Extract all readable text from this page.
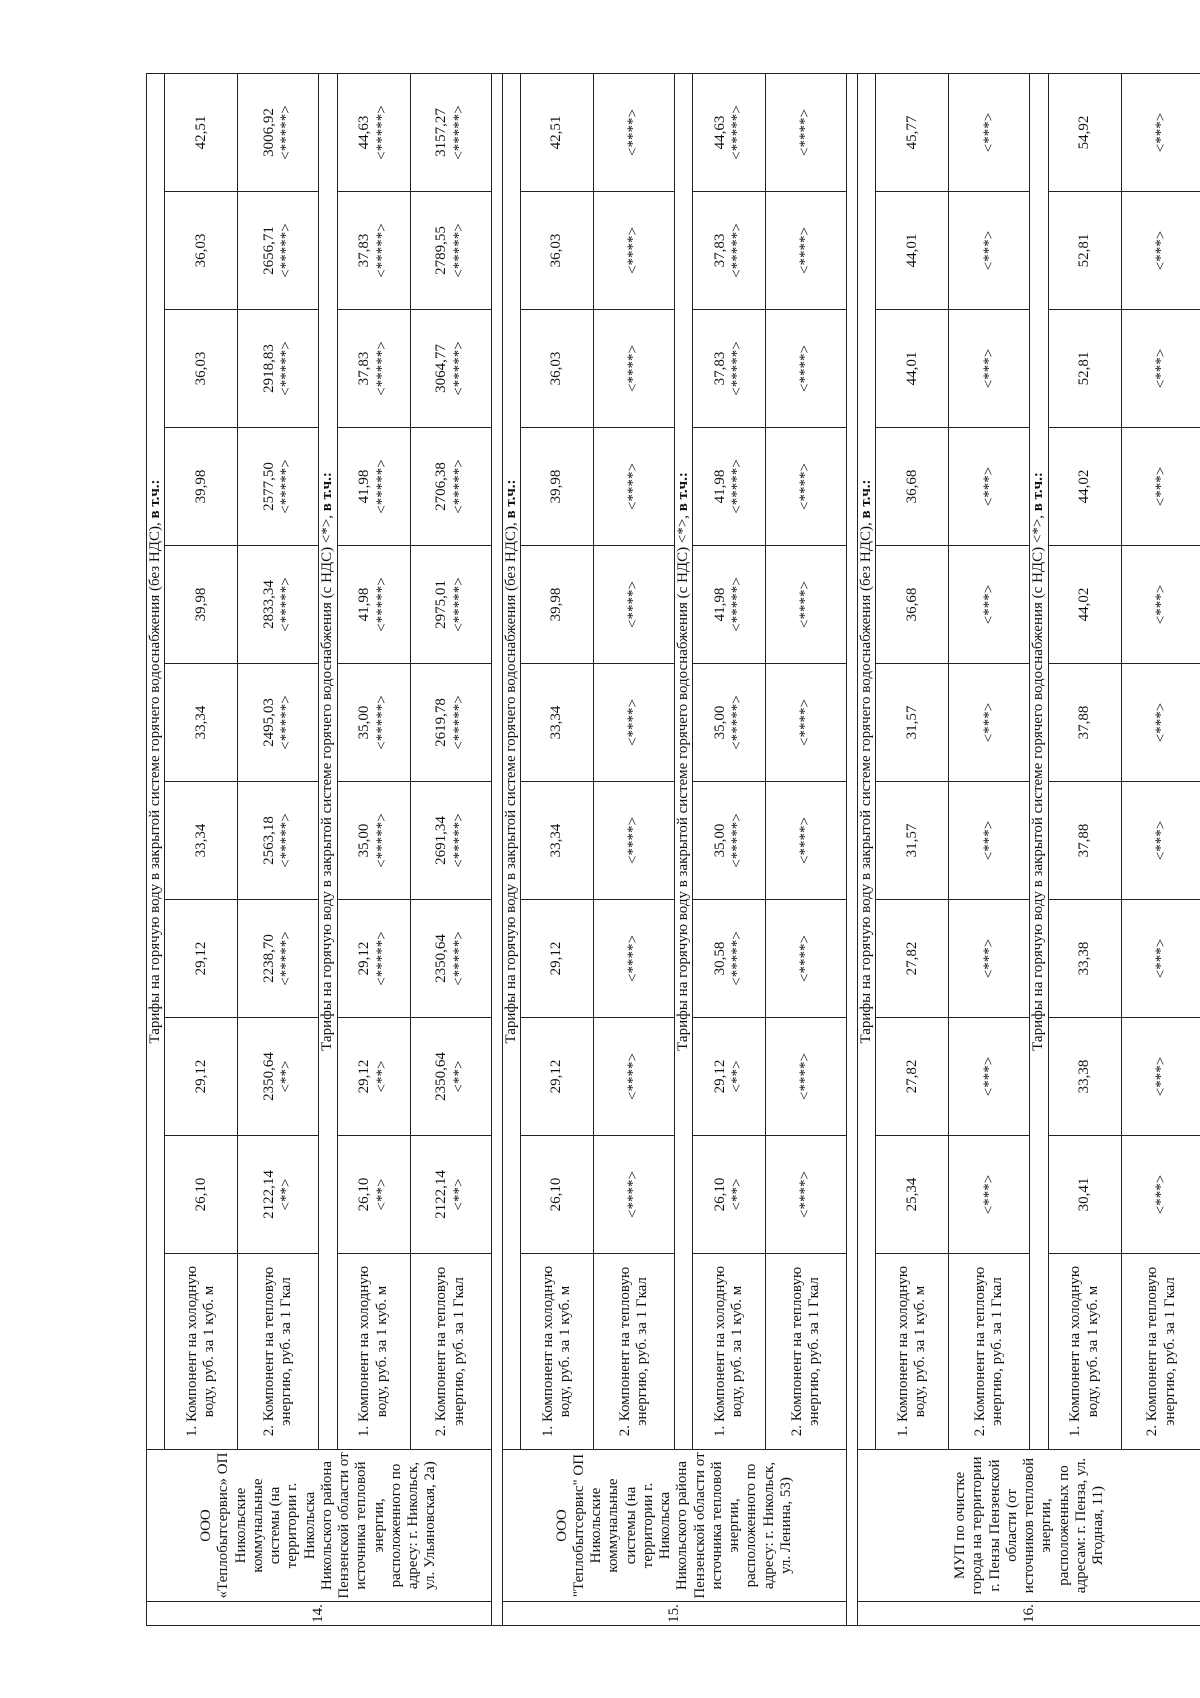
14.	ООО «Теплобытсервис» ОП Никольские коммунальные системы (на территории г. Никольска Никольского района Пензенской области от источника тепловой энергии, расположенного по адресу: г. Никольск, ул. Ульяновская, 2а)	Тарифы на горячую воду в закрытой системе горячего водоснабжения (без НДС), в т.ч.:										
		1. Компонент на холодную воду, руб. за 1 куб. м	26,10	29,12	29,12	33,34	33,34	39,98	39,98	36,03	36,03	42,51

		2. Компонент на тепловую энергию, руб. за 1 Гкал	2122,14 <**>	2350,64 <**>	2238,70 <*****>	2563,18 <*****>	2495,03 <*****>	2833,34 <*****>	2577,50 <*****>	2918,83 <*****>	2656,71 <*****>	3006,92 <*****>

		Тарифы на горячую воду в закрытой системе горячего водоснабжения (с НДС) <*>, в т.ч.:										
		1. Компонент на холодную воду, руб. за 1 куб. м	26,10 <**>	29,12 <**>	29,12 <*****>	35,00 <*****>	35,00 <*****>	41,98 <*****>	41,98 <*****>	37,83 <*****>	37,83 <*****>	44,63 <*****>

		2. Компонент на тепловую энергию, руб. за 1 Гкал	2122,14 <**>	2350,64 <**>	2350,64 <*****>	2691,34 <*****>	2619,78 <*****>	2975,01 <*****>	2706,38 <*****>	3064,77 <*****>	2789,55 <*****>	3157,27 <*****>

15.	ООО "Теплобытсервис" ОП Никольские коммунальные системы (на территории г. Никольска Никольского района Пензенской области от источника тепловой энергии, расположенного по адресу: г. Никольск, ул. Ленина, 53)	Тарифы на горячую воду в закрытой системе горячего водоснабжения (без НДС), в т.ч.:										
		1. Компонент на холодную воду, руб. за 1 куб. м	26,10	29,12	29,12	33,34	33,34	39,98	39,98	36,03	36,03	42,51

		2. Компонент на тепловую энергию, руб. за 1 Гкал	<****>	<****>	<****>	<****>	<****>	<****>	<****>	<****>	<****>	<****>

		Тарифы на горячую воду в закрытой системе горячего водоснабжения (с НДС) <*>, в т.ч.:										
		1. Компонент на холодную воду, руб. за 1 куб. м	26,10 <**>	29,12 <**>	30,58 <*****>	35,00 <*****>	35,00 <*****>	41,98 <*****>	41,98 <*****>	37,83 <*****>	37,83 <*****>	44,63 <*****>

		2. Компонент на тепловую энергию, руб. за 1 Гкал	<****>	<****>	<****>	<****>	<****>	<****>	<****>	<****>	<****>	<****>

16.	МУП по очистке города на территории г. Пензы Пензенской области (от источников тепловой энергии, расположенных по адресам: г. Пенза, ул. Ягодная, 11)	Тарифы на горячую воду в закрытой системе горячего водоснабжения (без НДС), в т.ч.:										
		1. Компонент на холодную воду, руб. за 1 куб. м	25,34	27,82	27,82	31,57	31,57	36,68	36,68	44,01	44,01	45,77

		2. Компонент на тепловую энергию, руб. за 1 Гкал	<***>	<***>	<***>	<***>	<***>	<***>	<***>	<***>	<***>	<***>

		Тарифы на горячую воду в закрытой системе горячего водоснабжения (с НДС) <*>, в т.ч.:										
		1. Компонент на холодную воду, руб. за 1 куб. м	30,41	33,38	33,38	37,88	37,88	44,02	44,02	52,81	52,81	54,92

		2. Компонент на тепловую энергию, руб. за 1 Гкал	<***>	<***>	<***>	<***>	<***>	<***>	<***>	<***>	<***>	<***>
